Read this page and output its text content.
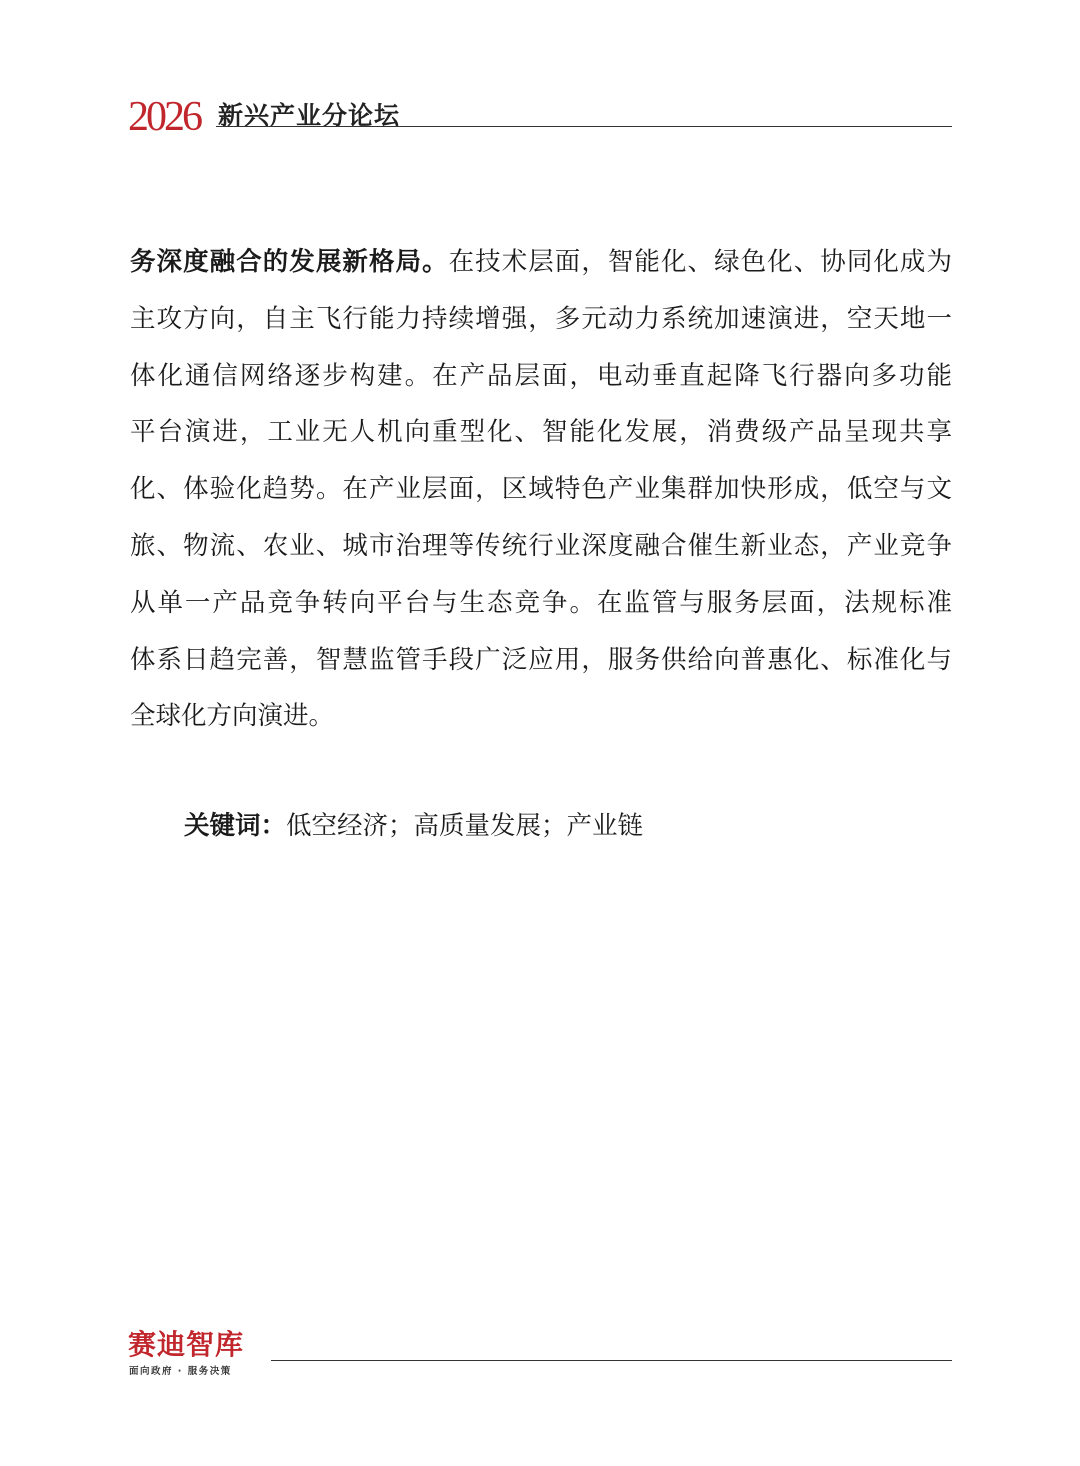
2026 新兴产业分论坛
务深度融合的发展新格局。在技术层面，智能化、绿色化、协同化成为
主攻方向，自主飞行能力持续增强，多元动力系统加速演进，空天地一
体化通信网络逐步构建。在产品层面，电动垂直起降飞行器向多功能
平台演进，工业无人机向重型化、智能化发展，消费级产品呈现共享
化、体验化趋势。在产业层面，区域特色产业集群加快形成，低空与文
旅、物流、农业、城市治理等传统行业深度融合催生新业态，产业竞争
从单一产品竞争转向平台与生态竞争。在监管与服务层面，法规标准
体系日趋完善，智慧监管手段广泛应用，服务供给向普惠化、标准化与
全球化方向演进。
关键词：低空经济；高质量发展；产业链
赛迪智库
面向政府 · 服务决策
